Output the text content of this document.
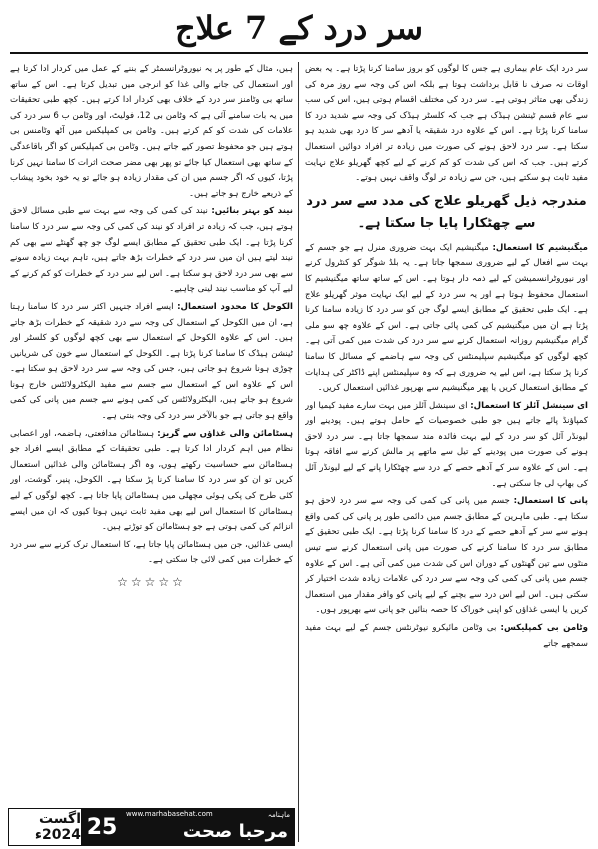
سر درد کے 7 علاج

سر درد ایک عام بیماری ہے جس کا لوگوں کو بروز سامنا کرنا پڑتا ہے۔ یہ بعض اوقات نہ صرف نا قابل برداشت ہوتا ہے بلکہ اس کی وجہ سے روز مرہ کی زندگی بھی متاثر ہوتی ہے۔ سر درد کی مختلف اقسام ہوتی ہیں، اس کی سب سے عام قسم ٹینشن ہیڈک ہے جب کہ کلسٹر ہیڈک کی وجہ سے شدید درد کا سامنا کرنا پڑتا ہے۔ اس کے علاوہ درد شقیقہ یا آدھے سر کا درد بھی شدید ہو سکتا ہے۔ سر درد لاحق ہونے کی صورت میں زیادہ تر افراد دوائیں استعمال کرتے ہیں۔ جب کہ اس کی شدت کو کم کرنے کے لیے کچھ گھریلو علاج نہایت مفید ثابت ہو سکتے ہیں، جن سے زیادہ تر لوگ واقف نہیں ہوتے۔

مندرجہ ذیل گھریلو علاج کی مدد سے سر درد سے چھٹکارا پایا جا سکتا ہے۔

میگنیشیم کا استعمال: میگنیشیم ایک بہت ضروری منرل ہے جو جسم کے بہت سے افعال کے لیے ضروری سمجھا جاتا ہے۔ یہ بلڈ شوگر کو کنٹرول کرنے اور نیوروٹرانسمیشن کے لیے ذمہ دار ہوتا ہے۔ اس کے ساتھ ساتھ میگنیشیم کا استعمال محفوظ ہوتا ہے اور یہ سر درد کے لیے ایک نہایت موثر گھریلو علاج ہے۔ ایک طبی تحقیق کے مطابق ایسے لوگ جن کو سر درد کا زیادہ سامنا کرنا پڑتا ہے ان میں میگنیشیم کی کمی پائی جاتی ہے۔ اس کے علاوہ چھ سو ملی گرام میگنیشیم روزانہ استعمال کرنے سے سر درد کی شدت میں کمی آتی ہے۔ کچھ لوگوں کو میگنیشیم سپلیمنٹس کی وجہ سے ہاضمے کے مسائل کا سامنا کرنا پڑ سکتا ہے، اس لیے یہ ضروری ہے کہ وہ سپلیمنٹس اپنے ڈاکٹر کی ہدایات کے مطابق استعمال کریں یا پھر میگنیشیم سے بھرپور غذائیں استعمال کریں۔

ای سینشل آئلز کا استعمال: ای سینشل آئلز میں بہت سارے مفید کیمیا اور کمپاؤنڈ پائے جاتے ہیں جو طبی خصوصیات کے حامل ہوتے ہیں۔ پودینے اور لیونڈر آئل کو سر درد کے لیے بہت فائدہ مند سمجھا جاتا ہے۔ سر درد لاحق ہونے کی صورت میں پودینے کے تیل سے ماتھے پر مالش کرنے سے افاقہ ہوتا ہے۔ اس کے علاوہ سر کے آدھے حصے کے درد سے چھٹکارا پانے کے لیے لیونڈر آئل کی بھاپ لی جا سکتی ہے۔

پانی کا استعمال: جسم میں پانی کی کمی کی وجہ سے سر درد لاحق ہو سکتا ہے۔ طبی ماہرین کے مطابق جسم میں دائمی طور پر پانی کی کمی واقع ہونے سے سر کے آدھے حصے کے درد کا سامنا کرنا پڑتا ہے۔ ایک طبی تحقیق کے مطابق سر درد کا سامنا کرنے کی صورت میں پانی استعمال کرنے سے تیس منٹوں سے تین گھنٹوں کے دوران اس کی شدت میں کمی آتی ہے۔ اس کے علاوہ جسم میں پانی کی کمی کی وجہ سے سر درد کی علامات زیادہ شدت اختیار کر سکتی ہیں۔ اس لیے اس درد سے بچنے کے لیے پانی کو وافر مقدار میں استعمال کریں یا ایسی غذاؤں کو اپنی خوراک کا حصہ بنائیں جو پانی سے بھرپور ہوں۔

وٹامن بی کمپلیکس: بی وٹامن مائیکرو نیوٹرنٹس جسم کے لیے بہت مفید سمجھے جاتے

ہیں، مثال کے طور پر یہ نیوروٹرانسمٹر کے بننے کے عمل میں کردار ادا کرتا ہے اور استعمال کی جانے والی غذا کو انرجی میں تبدیل کرتا ہے۔ اس کے ساتھ ساتھ بی وٹامنز سر درد کے خلاف بھی کردار ادا کرتے ہیں۔ کچھ طبی تحقیقات میں یہ بات سامنے آئی ہے کہ وٹامن بی 12، فولیٹ، اور وٹامن ب 6 سر درد کی علامات کی شدت کو کم کرتے ہیں۔ وٹامن بی کمپلیکس میں آٹھ وٹامنس بی ہوتے ہیں جو محفوظ تصور کیے جاتے ہیں۔ وٹامن بی کمپلیکس کو اگر باقاعدگی کے ساتھ بھی استعمال کیا جائے تو پھر بھی مضر صحت اثرات کا سامنا نہیں کرنا پڑتا، کیوں کہ اگر جسم میں ان کی مقدار زیادہ ہو جائے تو یہ خود بخود پیشاب کے ذریعے خارج ہو جاتے ہیں۔

نیند کو بہتر بنائیں: نیند کی کمی کی وجہ سے بہت سے طبی مسائل لاحق ہوتے ہیں، جب کہ زیادہ تر افراد کو نیند کی کمی کی وجہ سے سر درد کا سامنا کرنا پڑتا ہے۔ ایک طبی تحقیق کے مطابق ایسے لوگ جو چھ گھنٹے سے بھی کم نیند لیتے ہیں ان میں سر درد کے خطرات بڑھ جاتے ہیں، تاہم بہت زیادہ سونے سے بھی سر درد لاحق ہو سکتا ہے۔ اس لیے سر درد کے خطرات کو کم کرنے کے لیے آپ کو مناسب نیند لینی چاہیے۔

الکوحل کا محدود استعمال: ایسے افراد جنہیں اکثر سر درد کا سامنا رہتا ہے، ان میں الکوحل کے استعمال کی وجہ سے درد شقیقہ کے خطرات بڑھ جاتے ہیں۔ اس کے علاوہ الکوحل کے استعمال سے بھی کچھ لوگوں کو کلسٹر اور ٹینشن ہیڈک کا سامنا کرنا پڑتا ہے۔ الکوحل کے استعمال سے خون کی شریانیں چوڑی ہونا شروع ہو جاتی ہیں، جس کی وجہ سے سر درد لاحق ہو سکتا ہے۔ اس کے علاوہ اس کے استعمال سے جسم سے مفید الیکٹرولائٹس خارج ہونا شروع ہو جاتے ہیں، الیکٹرولائٹس کی کمی ہونے سے جسم میں پانی کی کمی واقع ہو جاتی ہے جو بالآخر سر درد کی وجہ بنتی ہے۔

ہسٹامائن والی غذاؤں سے گریز: ہسٹامائن مدافعتی، ہاضمہ، اور اعصابی نظام میں اہم کردار ادا کرتا ہے۔ طبی تحقیقات کے مطابق ایسے افراد جو ہسٹامائن سے حساسیت رکھتے ہوں، وہ اگر ہسٹامائن والی غذائیں استعمال کریں تو ان کو سر درد کا سامنا کرنا پڑ سکتا ہے۔ الکوحل، پنیر، گوشت، اور کئی طرح کی پکی ہوئی مچھلی میں ہسٹامائن پایا جاتا ہے۔ کچھ لوگوں کے لیے ہسٹامائن کا استعمال اس لیے بھی مفید ثابت نہیں ہوتا کیوں کہ ان میں ایسے انزائم کی کمی ہوتی ہے جو ہسٹامائن کو توڑتے ہیں۔

ایسی غذائیں، جن میں ہسٹامائن پایا جاتا ہے، کا استعمال ترک کرنے سے سر درد کے خطرات میں کمی لائی جا سکتی ہے۔

☆☆☆☆☆
اگست 2024ء 25
www.marhabasehat.com	ماہنامہ
مرحبا صحت
